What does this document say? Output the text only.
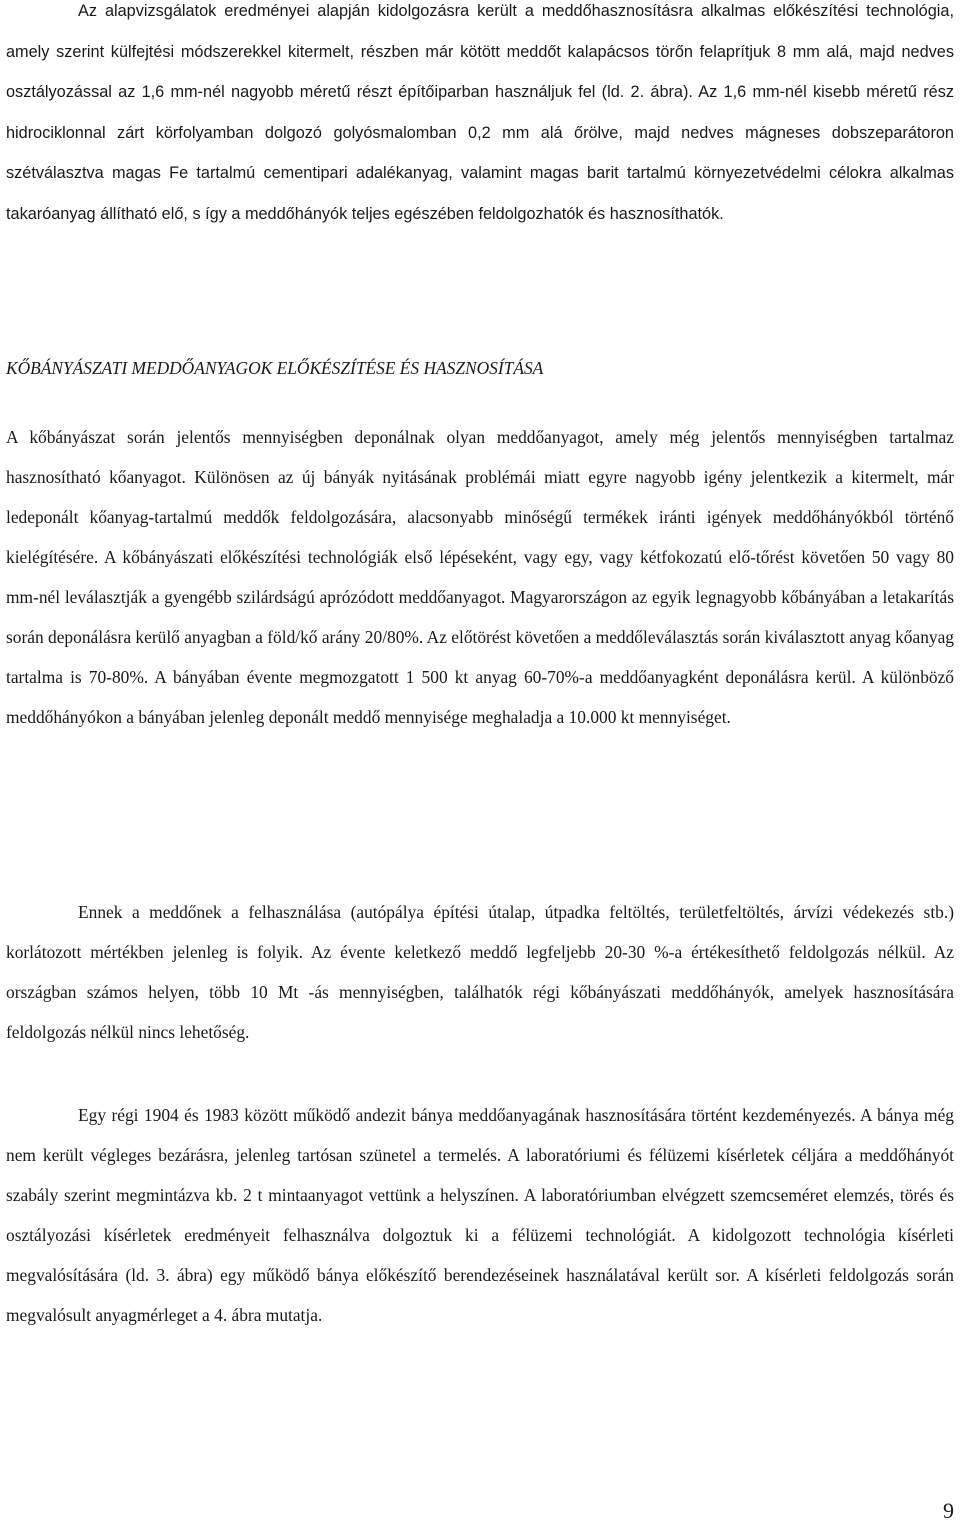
Az alapvizsgálatok eredményei alapján kidolgozásra került a meddőhasznosításra alkalmas előkészítési technológia, amely szerint külfejtési módszerekkel kitermelt, részben már kötött meddőt kalapácsos törőn felaprítjuk 8 mm alá, majd nedves osztályozással az 1,6 mm-nél nagyobb méretű részt építőiparban használjuk fel (ld. 2. ábra). Az 1,6 mm-nél kisebb méretű rész hidrociklonnal zárt körfolyamban dolgozó golyósmalomban 0,2 mm alá őrölve, majd nedves mágneses dobszeparátoron szétválasztva magas Fe tartalmú cementipari adalékanyag, valamint magas barit tartalmú környezetvédelmi célokra alkalmas takaróanyag állítható elő, s így a meddőhányók teljes egészében feldolgozhatók és hasznosíthatók.

KŐBÁNYÁSZATI MEDDŐANYAGOK ELŐKÉSZÍTÉSE ÉS HASZNOSÍTÁSA

A kőbányászat során jelentős mennyiségben deponálnak olyan meddőanyagot, amely még jelentős mennyiségben tartalmaz hasznosítható kőanyagot. Különösen az új bányák nyitásának problémái miatt egyre nagyobb igény jelentkezik a kitermelt, már ledeponált kőanyag-tartalmú meddők feldolgozására, alacsonyabb minőségű termékek iránti igények meddőhányókból történő kielégítésére. A kőbányászati előkészítési technológiák első lépéseként, vagy egy, vagy kétfokozatú elő-tőrést követően 50 vagy 80 mm-nél leválasztják a gyengébb szilárdságú aprózódott meddőanyagot. Magyarországon az egyik legnagyobb kőbányában a letakarítás során deponálásra kerülő anyagban a föld/kő arány 20/80%. Az előtörést követően a meddőleválasztás során kiválasztott anyag kőanyag tartalma is 70-80%. A bányában évente megmozgatott 1 500 kt anyag 60-70%-a meddőanyagként deponálásra kerül. A különböző meddőhányókon a bányában jelenleg deponált meddő mennyisége meghaladja a 10.000 kt mennyiséget.

Ennek a meddőnek a felhasználása (autópálya építési útalap, útpadka feltöltés, területfeltöltés, árvízi védekezés stb.) korlátozott mértékben jelenleg is folyik. Az évente keletkező meddő legfeljebb 20-30 %-a értékesíthető feldolgozás nélkül. Az országban számos helyen, több 10 Mt -ás mennyiségben, találhatók régi kőbányászati meddőhányók, amelyek hasznosítására feldolgozás nélkül nincs lehetőség.

Egy régi 1904 és 1983 között működő andezit bánya meddőanyagának hasznosítására történt kezdeményezés. A bánya még nem került végleges bezárásra, jelenleg tartósan szünetel a termelés. A laboratóriumi és félüzemi kísérletek céljára a meddőhányót szabály szerint megmintázva kb. 2 t mintaanyagot vettünk a helyszínen. A laboratóriumban elvégzett szemcseméret elemzés, törés és osztályozási kísérletek eredményeit felhasználva dolgoztuk ki a félüzemi technológiát. A kidolgozott technológia kísérleti megvalósítására (ld. 3. ábra) egy működő bánya előkészítő berendezéseinek használatával került sor. A kísérleti feldolgozás során megvalósult anyagmérleget a 4. ábra mutatja.

9
